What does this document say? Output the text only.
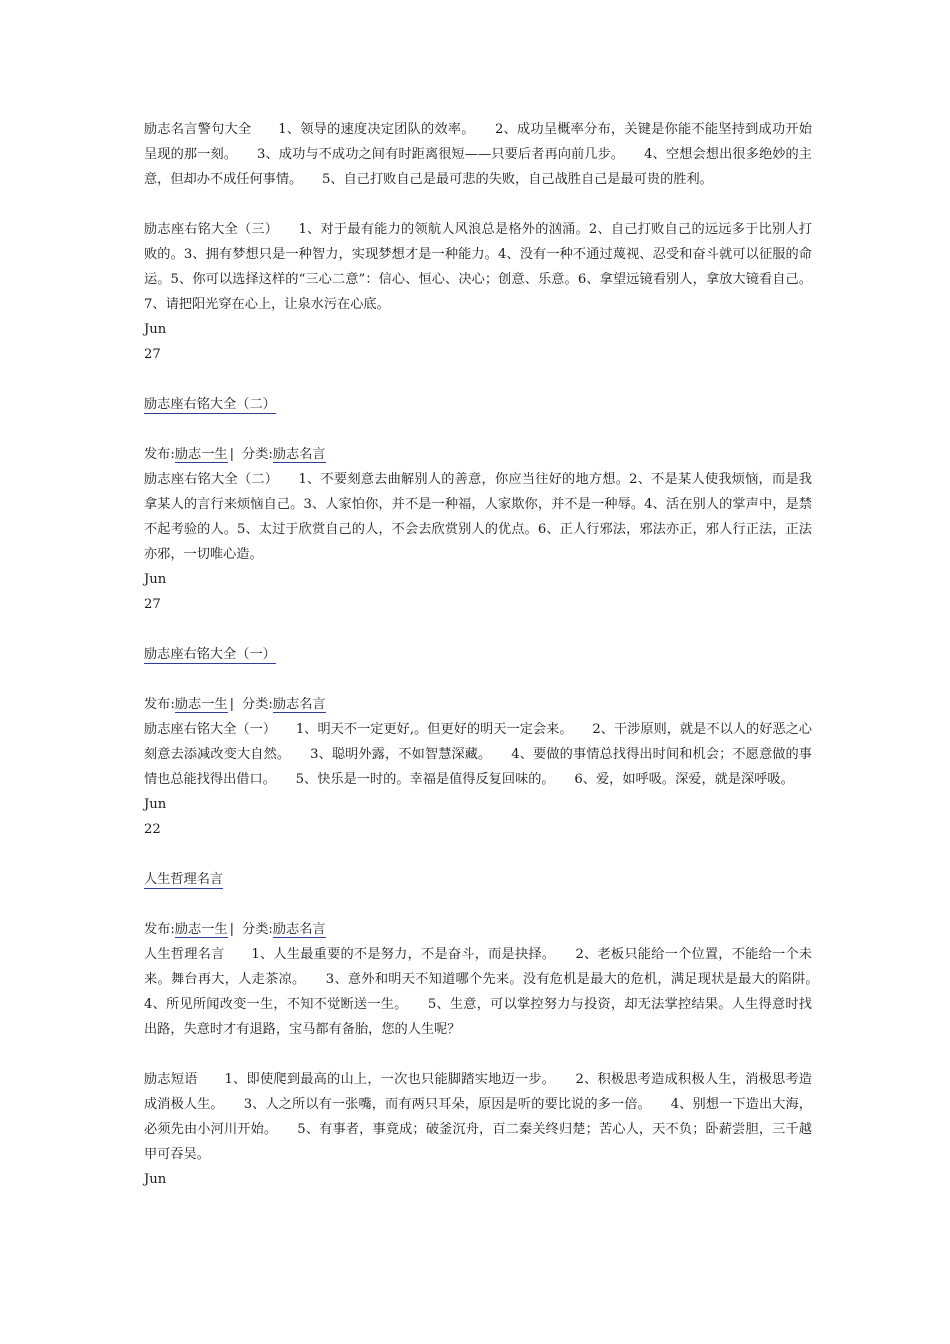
励志名言警句大全　　1、领导的速度决定团队的效率。　　2、成功呈概率分布，关键是你能不能坚持到成功开始呈现的那一刻。　　3、成功与不成功之间有时距离很短——只要后者再向前几步。　　4、空想会想出很多绝妙的主意，但却办不成任何事情。　　5、自己打败自己是最可悲的失败，自己战胜自己是最可贵的胜利。

励志座右铭大全（三）　　1、对于最有能力的领航人风浪总是格外的汹涌。2、自己打败自己的远远多于比别人打败的。3、拥有梦想只是一种智力，实现梦想才是一种能力。4、没有一种不通过蔑视、忍受和奋斗就可以征服的命运。5、你可以选择这样的“三心二意”：信心、恒心、决心；创意、乐意。6、拿望远镜看别人，拿放大镜看自己。7、请把阳光穿在心上，让泉水污在心底。

Jun

27

励志座右铭大全（二）

发布:励志一生 | 分类:励志名言

励志座右铭大全（二）　　1、不要刻意去曲解别人的善意，你应当往好的地方想。2、不是某人使我烦恼，而是我拿某人的言行来烦恼自己。3、人家怕你，并不是一种福，人家欺你，并不是一种辱。4、活在别人的掌声中，是禁不起考验的人。5、太过于欣赏自己的人，不会去欣赏别人的优点。6、正人行邪法，邪法亦正，邪人行正法，正法亦邪，一切唯心造。

Jun

27

励志座右铭大全（一）

发布:励志一生 | 分类:励志名言

励志座右铭大全（一）　　1、明天不一定更好,。但更好的明天一定会来。　　2、干涉原则，就是不以人的好恶之心刻意去添减改变大自然。　　3、聪明外露，不如智慧深藏。　　4、要做的事情总找得出时间和机会；不愿意做的事情也总能找得出借口。　　5、快乐是一时的。幸福是值得反复回味的。　　6、爱，如呼吸。深爱，就是深呼吸。

Jun

22

人生哲理名言

发布:励志一生 | 分类:励志名言

人生哲理名言　　1、人生最重要的不是努力，不是奋斗，而是抉择。　　2、老板只能给一个位置，不能给一个未来。舞台再大，人走茶凉。　　3、意外和明天不知道哪个先来。没有危机是最大的危机，满足现状是最大的陷阱。　　4、所见所闻改变一生，不知不觉断送一生。　　5、生意，可以掌控努力与投资，却无法掌控结果。人生得意时找出路，失意时才有退路，宝马都有备胎，您的人生呢？

励志短语　　1、即使爬到最高的山上，一次也只能脚踏实地迈一步。　　2、积极思考造成积极人生，消极思考造成消极人生。　　3、人之所以有一张嘴，而有两只耳朵，原因是听的要比说的多一倍。　　4、别想一下造出大海，必须先由小河川开始。　　5、有事者，事竟成；破釜沉舟，百二秦关终归楚；苦心人，天不负；卧薪尝胆，三千越甲可吞吴。

Jun
